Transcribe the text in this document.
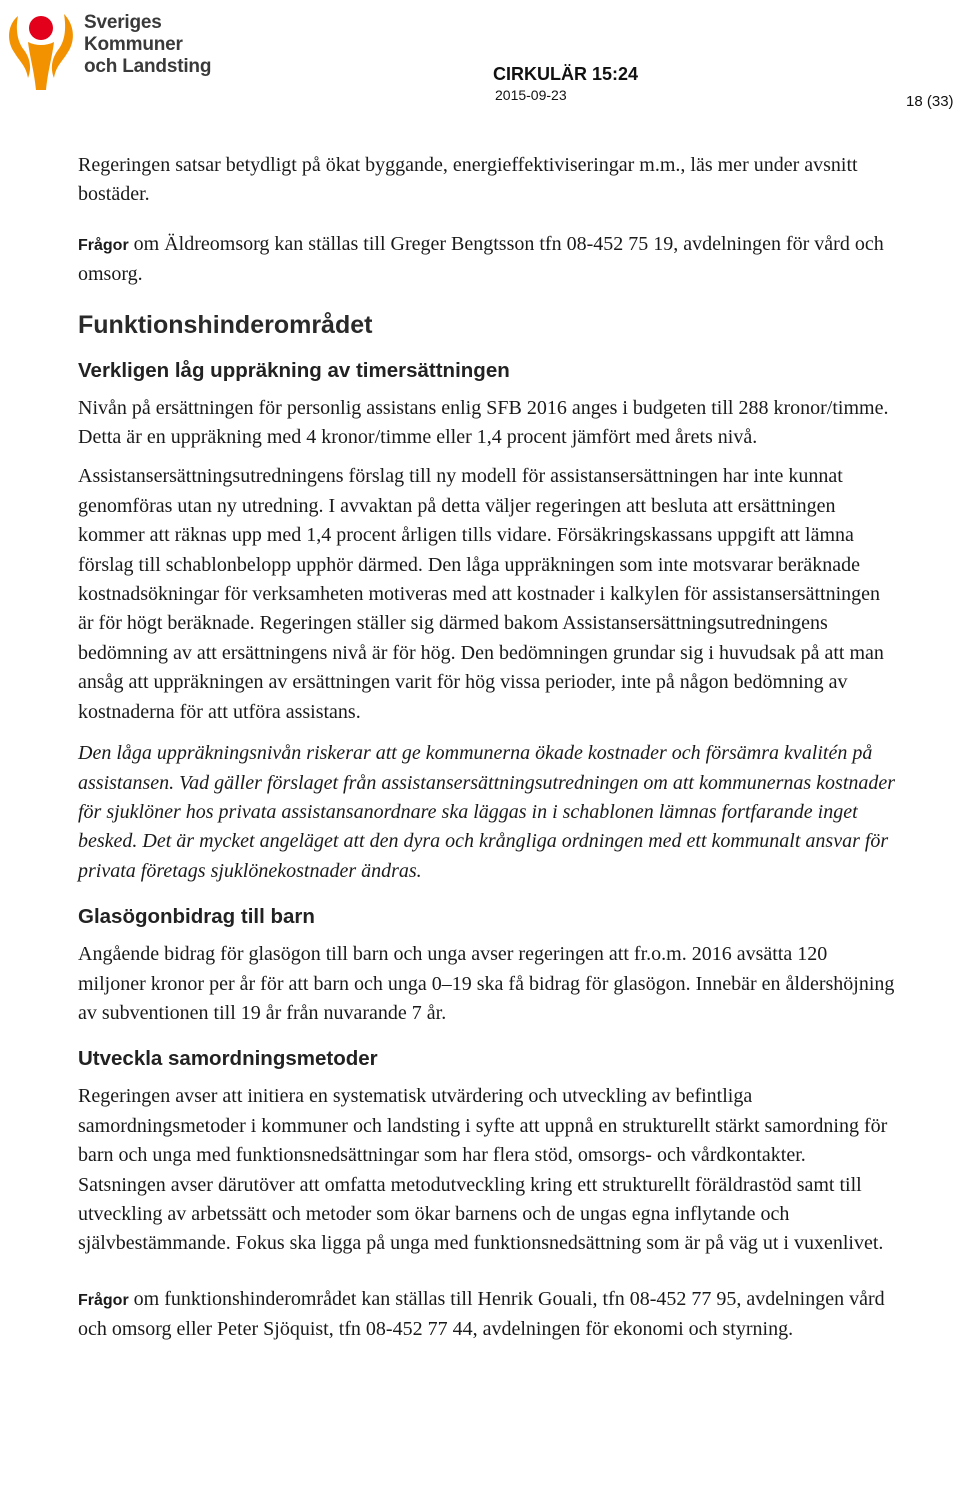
Sveriges
Kommuner
och Landsting	CIRKULÄR 15:24
2015-09-23	18 (33)

Regeringen satsar betydligt på ökat byggande, energieffektiviseringar m.m., läs mer under avsnitt bostäder.

Frågor om Äldreomsorg kan ställas till Greger Bengtsson tfn 08-452 75 19, avdelningen för vård och omsorg.

Funktionshinderområdet
Verkligen låg uppräkning av timersättningen

Nivån på ersättningen för personlig assistans enlig SFB 2016 anges i budgeten till 288 kronor/timme. Detta är en uppräkning med 4 kronor/timme eller 1,4 procent jämfört med årets nivå.

Assistansersättningsutredningens förslag till ny modell för assistansersättningen har inte kunnat genomföras utan ny utredning. I avvaktan på detta väljer regeringen att besluta att ersättningen kommer att räknas upp med 1,4 procent årligen tills vidare. Försäkringskassans uppgift att lämna förslag till schablonbelopp upphör därmed. Den låga uppräkningen som inte motsvarar beräknade kostnadsökningar för verksamheten motiveras med att kostnader i kalkylen för assistansersättningen är för högt beräknade. Regeringen ställer sig därmed bakom Assistansersättningsutredningens bedömning av att ersättningens nivå är för hög. Den bedömningen grundar sig i huvudsak på att man ansåg att uppräkningen av ersättningen varit för hög vissa perioder, inte på någon bedömning av kostnaderna för att utföra assistans.

Den låga uppräkningsnivån riskerar att ge kommunerna ökade kostnader och försämra kvalitén på assistansen. Vad gäller förslaget från assistansersättningsutredningen om att kommunernas kostnader för sjuklöner hos privata assistansanordnare ska läggas in i schablonen lämnas fortfarande inget besked. Det är mycket angeläget att den dyra och krångliga ordningen med ett kommunalt ansvar för privata företags sjuklönekostnader ändras.

Glasögonbidrag till barn

Angående bidrag för glasögon till barn och unga avser regeringen att fr.o.m. 2016 avsätta 120 miljoner kronor per år för att barn och unga 0–19 ska få bidrag för glasögon. Innebär en åldershöjning av subventionen till 19 år från nuvarande 7 år.

Utveckla samordningsmetoder

Regeringen avser att initiera en systematisk utvärdering och utveckling av befintliga samordningsmetoder i kommuner och landsting i syfte att uppnå en strukturellt stärkt samordning för barn och unga med funktionsnedsättningar som har flera stöd, omsorgs- och vårdkontakter. Satsningen avser därutöver att omfatta metodutveckling kring ett strukturellt föräldrastöd samt till utveckling av arbetssätt och metoder som ökar barnens och de ungas egna inflytande och självbestämmande. Fokus ska ligga på unga med funktionsnedsättning som är på väg ut i vuxenlivet.

Frågor om funktionshinderområdet kan ställas till Henrik Gouali, tfn 08-452 77 95, avdelningen vård och omsorg eller Peter Sjöquist, tfn 08-452 77 44, avdelningen för ekonomi och styrning.
